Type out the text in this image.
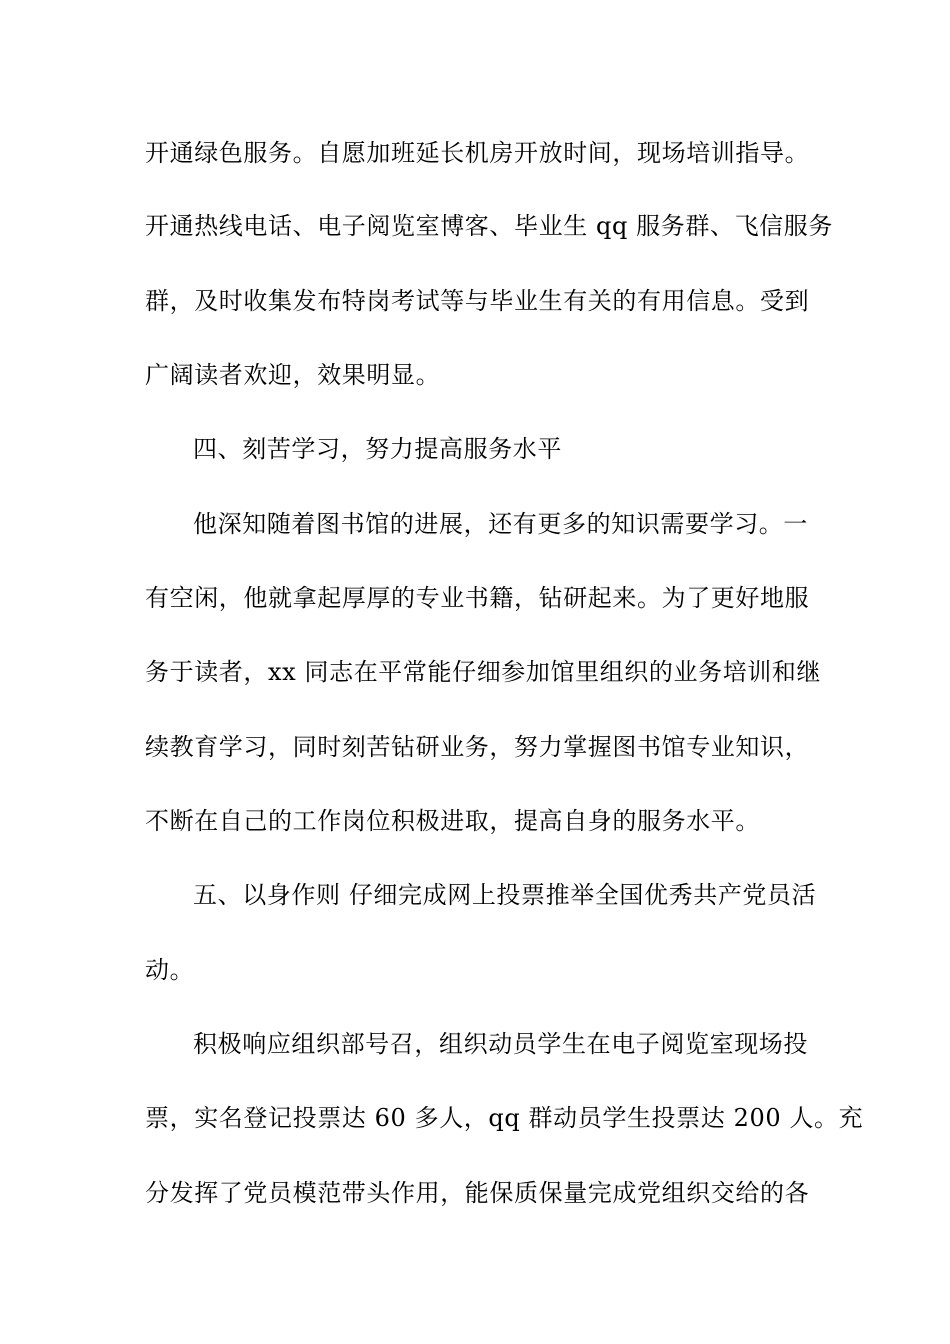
开通绿色服务。自愿加班延长机房开放时间，现场培训指导。
开通热线电话、电子阅览室博客、毕业生 qq 服务群、飞信服务
群，及时收集发布特岗考试等与毕业生有关的有用信息。受到
广阔读者欢迎，效果明显。
四、刻苦学习，努力提高服务水平
他深知随着图书馆的进展，还有更多的知识需要学习。一
有空闲，他就拿起厚厚的专业书籍，钻研起来。为了更好地服
务于读者，xx 同志在平常能仔细参加馆里组织的业务培训和继
续教育学习，同时刻苦钻研业务，努力掌握图书馆专业知识，
不断在自己的工作岗位积极进取，提高自身的服务水平。
五、以身作则 仔细完成网上投票推举全国优秀共产党员活
动。
积极响应组织部号召，组织动员学生在电子阅览室现场投
票，实名登记投票达 60 多人，qq 群动员学生投票达 200 人。充
分发挥了党员模范带头作用，能保质保量完成党组织交给的各
